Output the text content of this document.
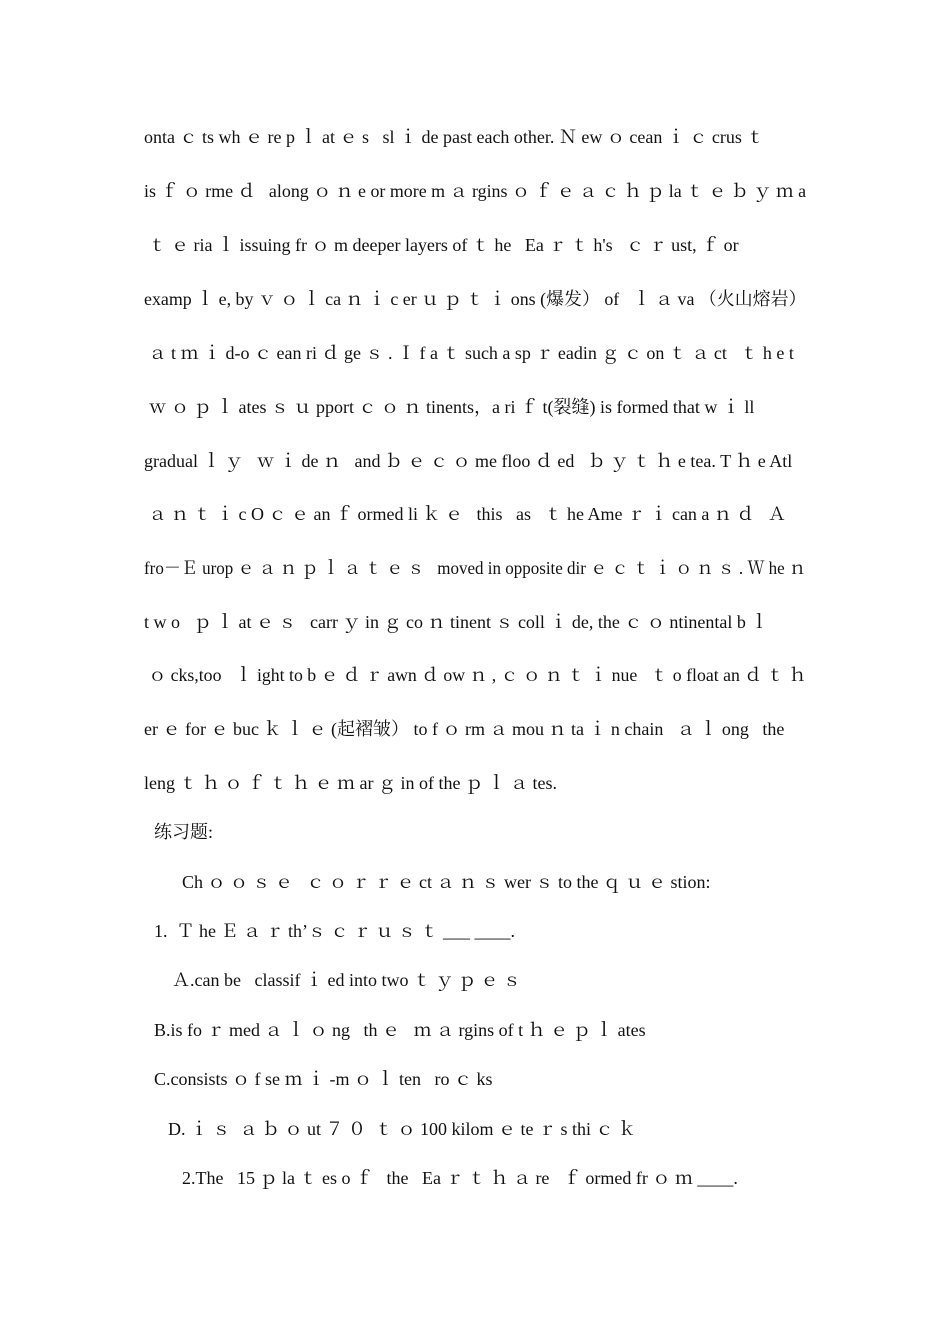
onta ｃ ts wh ｅ re p ｌ at ｅ s   sl ｉ de past each other. Ｎ ew ｏ cean ｉ ｃ crus ｔ

is ｆ ｏ rme ｄ   along ｏ ｎ e or more m ａ rgins ｏ ｆ ｅ ａ ｃ ｈ ｐ la ｔ ｅ ｂ ｙ ｍ a

ｔ ｅ ria ｌ issuing fr ｏ m deeper layers of ｔ he   Ea ｒ ｔ h's   ｃ ｒ ust, ｆ or

examp ｌ e, by ｖ ｏ ｌ ca ｎ ｉ c er ｕ ｐ ｔ ｉ ons (爆发） of   ｌ ａ va （火山熔岩）

ａ t ｍ ｉ d-o ｃ ean ri ｄ ge ｓ . Ｉ f a ｔ such a sp ｒ eadin ｇ ｃ on ｔ ａ ct   ｔ h e t

ｗ ｏ ｐ ｌ ates ｓ ｕ pport ｃ ｏ ｎ tinents，a ri ｆ t(裂缝) is formed that w ｉ ll

gradual ｌ ｙ   ｗ ｉ de ｎ   and ｂ ｅ ｃ ｏ me floo ｄ ed   ｂ ｙ ｔ ｈ e tea. T ｈ e Atl

ａ ｎ ｔ ｉ c O ｃ ｅ an ｆ ormed li ｋ ｅ   this   as   ｔ he Ame ｒ ｉ can a ｎ ｄ   Ａ

fro－Ｅ urop ｅ ａ ｎ ｐ ｌ ａ ｔ ｅ ｓ   moved in opposite dir ｅ ｃ ｔ ｉ ｏ ｎ ｓ . Ｗ he ｎ

t w o   ｐ ｌ at ｅ ｓ   carr ｙ in ｇ co ｎ tinent ｓ coll ｉ de, the ｃ ｏ ntinental b ｌ

ｏ cks,too   ｌ ight to b ｅ ｄ ｒ awn ｄ ow ｎ , ｃ ｏ ｎ ｔ ｉ nue   ｔ o float an ｄ ｔ ｈ

er ｅ for ｅ buc ｋ ｌ ｅ (起褶皱） to f ｏ rm ａ mou ｎ ta ｉ n chain   ａ ｌ ong   the

leng ｔ ｈ ｏ ｆ ｔ ｈ ｅ ｍ ar ｇ in of the ｐ ｌ ａ tes.

练习题:

Ch ｏ ｏ ｓ ｅ   ｃ ｏ ｒ ｒ ｅ ct ａ ｎ ｓ wer ｓ to the ｑ ｕ ｅ stion:

1.  Ｔ he Ｅ ａ ｒ th’ｓ ｃ ｒ ｕ ｓ ｔ ___ ____.

Ａ.can be   classif ｉ ed into two ｔ ｙ ｐ ｅ ｓ

B.is fo ｒ med ａ ｌ ｏ ng   th ｅ   ｍ ａ rgins of t ｈ ｅ ｐ ｌ ates

C.consists ｏ f se ｍ ｉ -m ｏ ｌ ten   ro ｃ ks

D. ｉ ｓ  ａ ｂ ｏ ut ７ ０  ｔ ｏ 100 kilom ｅ te ｒ s thi ｃ ｋ

2.The   15 ｐ la ｔ es o ｆ   the   Ea ｒ ｔ ｈ ａ re   ｆ ormed fr ｏ ｍ ____.
